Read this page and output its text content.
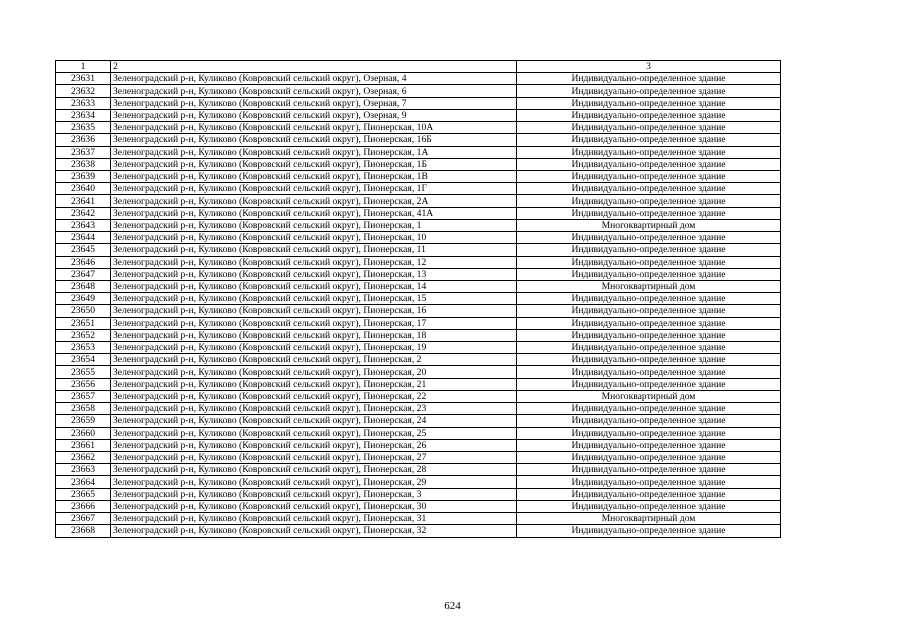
1	2	3
23631	Зеленоградский р-н, Куликово (Ковровский сельский округ), Озерная, 4	Индивидуально-определенное здание
23632	Зеленоградский р-н, Куликово (Ковровский сельский округ), Озерная, 6	Индивидуально-определенное здание
23633	Зеленоградский р-н, Куликово (Ковровский сельский округ), Озерная, 7	Индивидуально-определенное здание
23634	Зеленоградский р-н, Куликово (Ковровский сельский округ), Озерная, 9	Индивидуально-определенное здание
23635	Зеленоградский р-н, Куликово (Ковровский сельский округ), Пионерская, 10А	Индивидуально-определенное здание
23636	Зеленоградский р-н, Куликово (Ковровский сельский округ), Пионерская, 16Б	Индивидуально-определенное здание
23637	Зеленоградский р-н, Куликово (Ковровский сельский округ), Пионерская, 1А	Индивидуально-определенное здание
23638	Зеленоградский р-н, Куликово (Ковровский сельский округ), Пионерская, 1Б	Индивидуально-определенное здание
23639	Зеленоградский р-н, Куликово (Ковровский сельский округ), Пионерская, 1В	Индивидуально-определенное здание
23640	Зеленоградский р-н, Куликово (Ковровский сельский округ), Пионерская, 1Г	Индивидуально-определенное здание
23641	Зеленоградский р-н, Куликово (Ковровский сельский округ), Пионерская, 2А	Индивидуально-определенное здание
23642	Зеленоградский р-н, Куликово (Ковровский сельский округ), Пионерская, 41А	Индивидуально-определенное здание
23643	Зеленоградский р-н, Куликово (Ковровский сельский округ), Пионерская, 1	Многоквартирный дом
23644	Зеленоградский р-н, Куликово (Ковровский сельский округ), Пионерская, 10	Индивидуально-определенное здание
23645	Зеленоградский р-н, Куликово (Ковровский сельский округ), Пионерская, 11	Индивидуально-определенное здание
23646	Зеленоградский р-н, Куликово (Ковровский сельский округ), Пионерская, 12	Индивидуально-определенное здание
23647	Зеленоградский р-н, Куликово (Ковровский сельский округ), Пионерская, 13	Индивидуально-определенное здание
23648	Зеленоградский р-н, Куликово (Ковровский сельский округ), Пионерская, 14	Многоквартирный дом
23649	Зеленоградский р-н, Куликово (Ковровский сельский округ), Пионерская, 15	Индивидуально-определенное здание
23650	Зеленоградский р-н, Куликово (Ковровский сельский округ), Пионерская, 16	Индивидуально-определенное здание
23651	Зеленоградский р-н, Куликово (Ковровский сельский округ), Пионерская, 17	Индивидуально-определенное здание
23652	Зеленоградский р-н, Куликово (Ковровский сельский округ), Пионерская, 18	Индивидуально-определенное здание
23653	Зеленоградский р-н, Куликово (Ковровский сельский округ), Пионерская, 19	Индивидуально-определенное здание
23654	Зеленоградский р-н, Куликово (Ковровский сельский округ), Пионерская, 2	Индивидуально-определенное здание
23655	Зеленоградский р-н, Куликово (Ковровский сельский округ), Пионерская, 20	Индивидуально-определенное здание
23656	Зеленоградский р-н, Куликово (Ковровский сельский округ), Пионерская, 21	Индивидуально-определенное здание
23657	Зеленоградский р-н, Куликово (Ковровский сельский округ), Пионерская, 22	Многоквартирный дом
23658	Зеленоградский р-н, Куликово (Ковровский сельский округ), Пионерская, 23	Индивидуально-определенное здание
23659	Зеленоградский р-н, Куликово (Ковровский сельский округ), Пионерская, 24	Индивидуально-определенное здание
23660	Зеленоградский р-н, Куликово (Ковровский сельский округ), Пионерская, 25	Индивидуально-определенное здание
23661	Зеленоградский р-н, Куликово (Ковровский сельский округ), Пионерская, 26	Индивидуально-определенное здание
23662	Зеленоградский р-н, Куликово (Ковровский сельский округ), Пионерская, 27	Индивидуально-определенное здание
23663	Зеленоградский р-н, Куликово (Ковровский сельский округ), Пионерская, 28	Индивидуально-определенное здание
23664	Зеленоградский р-н, Куликово (Ковровский сельский округ), Пионерская, 29	Индивидуально-определенное здание
23665	Зеленоградский р-н, Куликово (Ковровский сельский округ), Пионерская, 3	Индивидуально-определенное здание
23666	Зеленоградский р-н, Куликово (Ковровский сельский округ), Пионерская, 30	Индивидуально-определенное здание
23667	Зеленоградский р-н, Куликово (Ковровский сельский округ), Пионерская, 31	Многоквартирный дом
23668	Зеленоградский р-н, Куликово (Ковровский сельский округ), Пионерская, 32	Индивидуально-определенное здание
624
